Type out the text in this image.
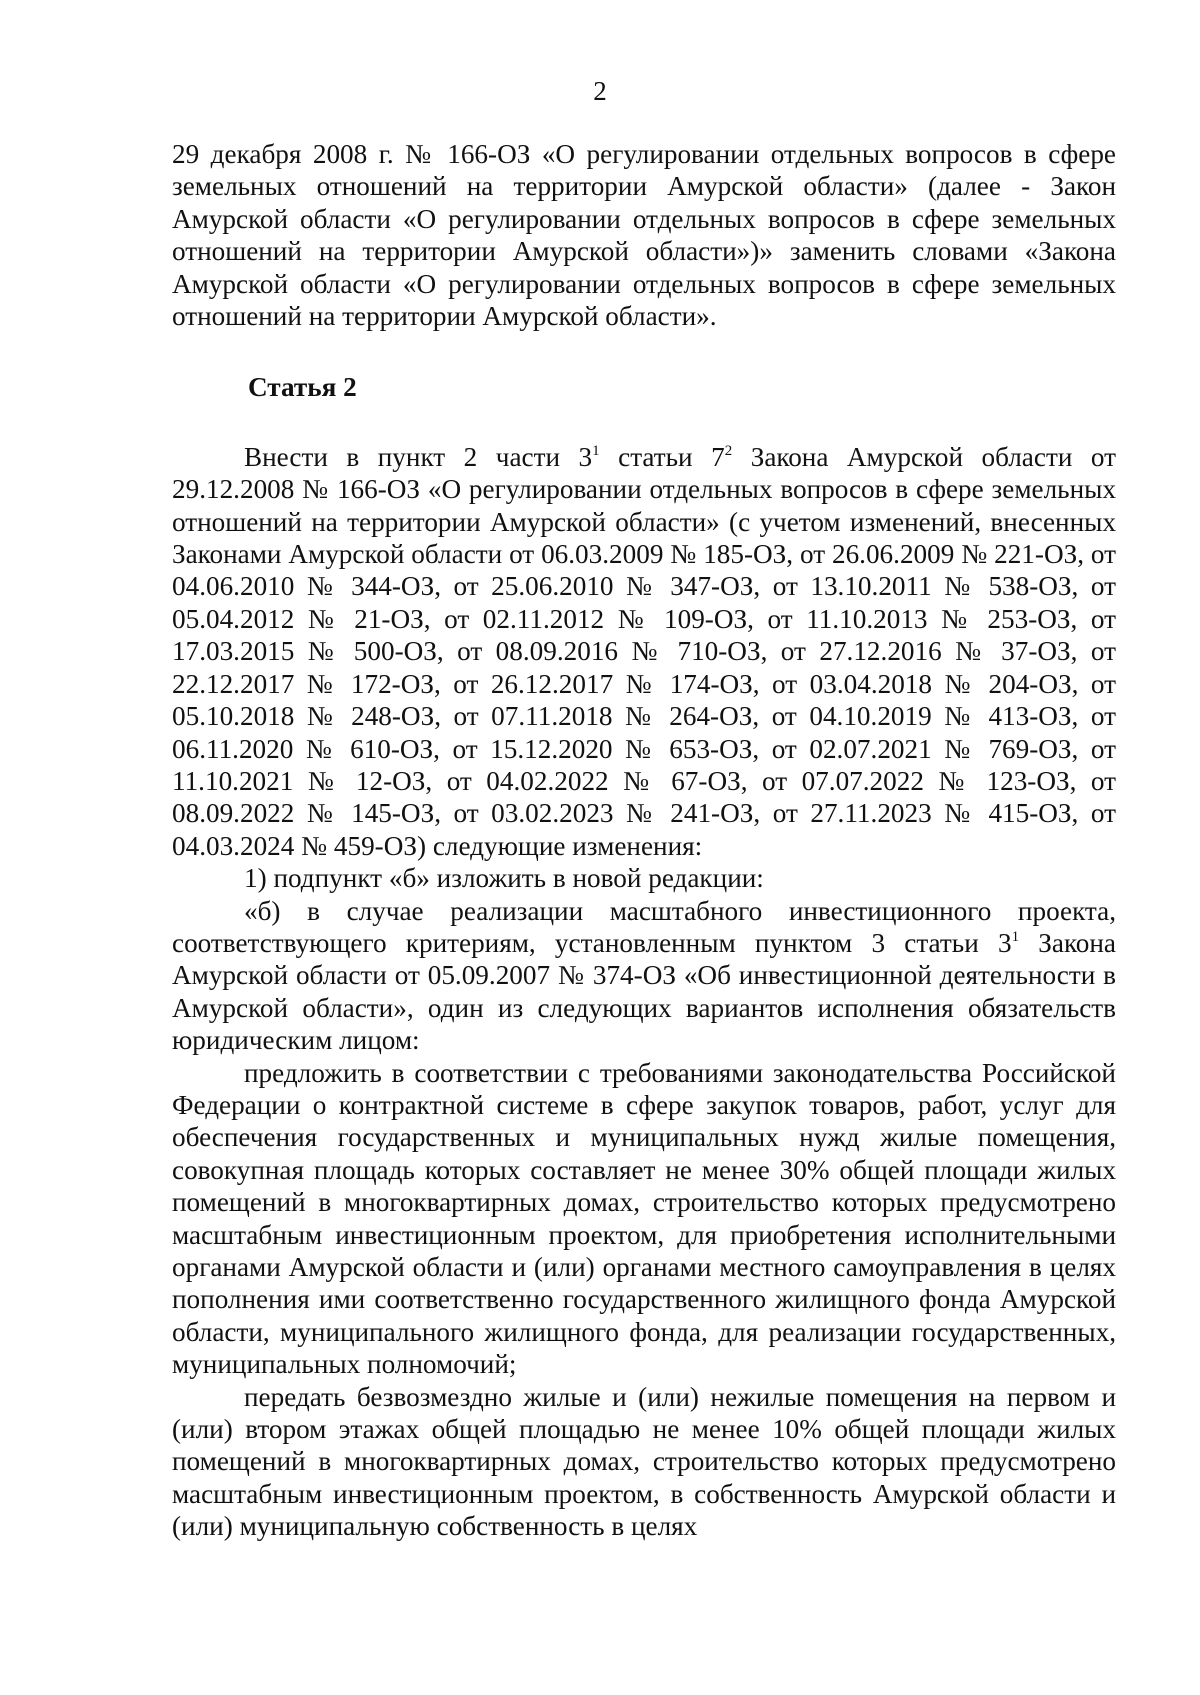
2

29 декабря 2008 г. № 166-ОЗ «О регулировании отдельных вопросов в сфере земельных отношений на территории Амурской области» (далее - Закон Амурской области «О регулировании отдельных вопросов в сфере земельных отношений на территории Амурской области»)» заменить словами «Закона Амурской области «О регулировании отдельных вопросов в сфере земельных отношений на территории Амурской области».

Статья 2

Внести в пункт 2 части $3^1$ статьи $7^2$ Закона Амурской области от 29.12.2008 № 166-ОЗ «О регулировании отдельных вопросов в сфере земельных отношений на территории Амурской области» (с учетом изменений, внесенных Законами Амурской области от 06.03.2009 № 185-ОЗ, от 26.06.2009 № 221-ОЗ, от 04.06.2010 № 344-ОЗ, от 25.06.2010 № 347-ОЗ, от 13.10.2011 № 538-ОЗ, от 05.04.2012 № 21-ОЗ, от 02.11.2012 № 109-ОЗ, от 11.10.2013 № 253-ОЗ, от 17.03.2015 № 500-ОЗ, от 08.09.2016 № 710-ОЗ, от 27.12.2016 № 37-ОЗ, от 22.12.2017 № 172-ОЗ, от 26.12.2017 № 174-ОЗ, от 03.04.2018 № 204-ОЗ, от 05.10.2018 № 248-ОЗ, от 07.11.2018 № 264-ОЗ, от 04.10.2019 № 413-ОЗ, от 06.11.2020 № 610-ОЗ, от 15.12.2020 № 653-ОЗ, от 02.07.2021 № 769-ОЗ, от 11.10.2021 № 12-ОЗ, от 04.02.2022 № 67-ОЗ, от 07.07.2022 № 123-ОЗ, от 08.09.2022 № 145-ОЗ, от 03.02.2023 № 241-ОЗ, от 27.11.2023 № 415-ОЗ, от 04.03.2024 № 459-ОЗ) следующие изменения:

1) подпункт «б» изложить в новой редакции:

«б) в случае реализации масштабного инвестиционного проекта, соответствующего критериям, установленным пунктом 3 статьи $3^1$ Закона Амурской области от 05.09.2007 № 374-ОЗ «Об инвестиционной деятельности в Амурской области», один из следующих вариантов исполнения обязательств юридическим лицом:

предложить в соответствии с требованиями законодательства Российской Федерации о контрактной системе в сфере закупок товаров, работ, услуг для обеспечения государственных и муниципальных нужд жилые помещения, совокупная площадь которых составляет не менее 30% общей площади жилых помещений в многоквартирных домах, строительство которых предусмотрено масштабным инвестиционным проектом, для приобретения исполнительными органами Амурской области и (или) органами местного самоуправления в целях пополнения ими соответственно государственного жилищного фонда Амурской области, муниципального жилищного фонда, для реализации государственных, муниципальных полномочий;

передать безвозмездно жилые и (или) нежилые помещения на первом и (или) втором этажах общей площадью не менее 10% общей площади жилых помещений в многоквартирных домах, строительство которых предусмотрено масштабным инвестиционным проектом, в собственность Амурской области и (или) муниципальную собственность в целях
